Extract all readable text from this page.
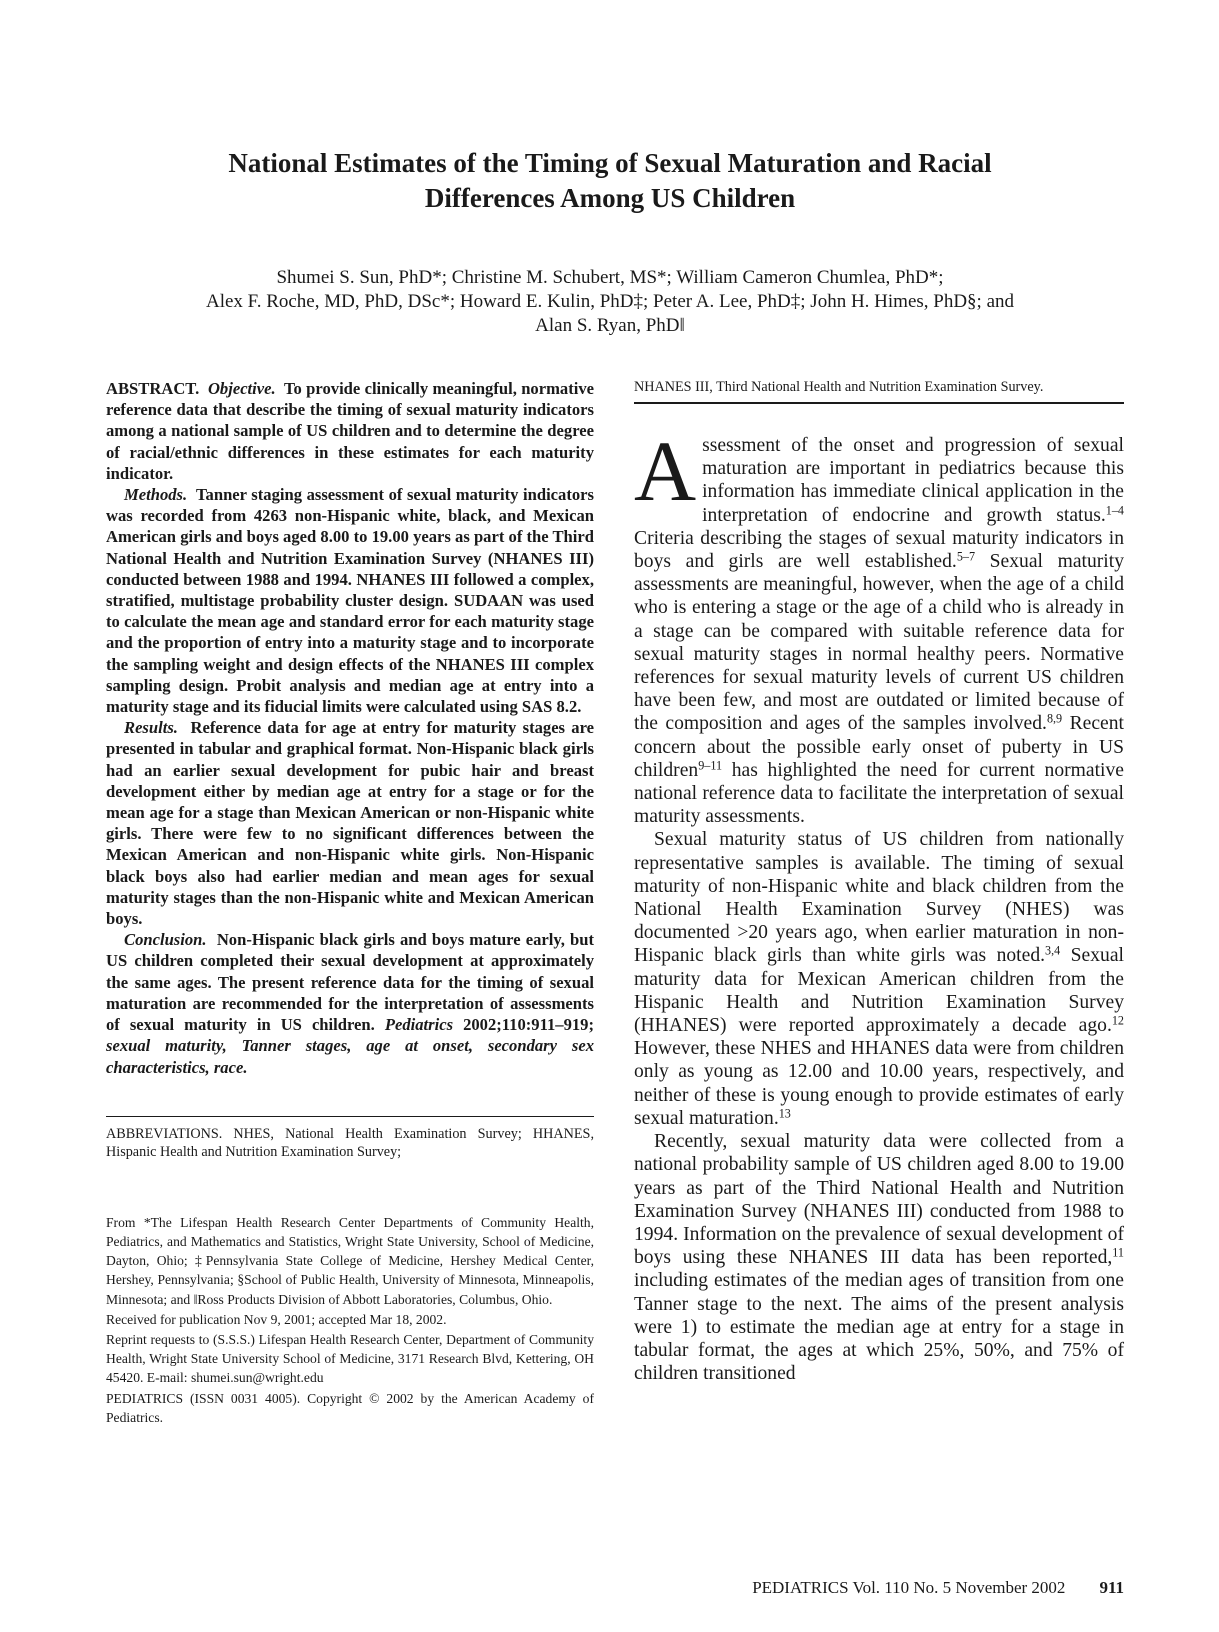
National Estimates of the Timing of Sexual Maturation and Racial
Differences Among US Children
Shumei S. Sun, PhD*; Christine M. Schubert, MS*; William Cameron Chumlea, PhD*;
Alex F. Roche, MD, PhD, DSc*; Howard E. Kulin, PhD‡; Peter A. Lee, PhD‡; John H. Himes, PhD§; and
Alan S. Ryan, PhD‖

ABSTRACT. Objective. To provide clinically meaningful, normative reference data that describe the timing of sexual maturity indicators among a national sample of US children and to determine the degree of racial/ethnic differences in these estimates for each maturity indicator.

Methods. Tanner staging assessment of sexual maturity indicators was recorded from 4263 non-Hispanic white, black, and Mexican American girls and boys aged 8.00 to 19.00 years as part of the Third National Health and Nutrition Examination Survey (NHANES III) conducted between 1988 and 1994. NHANES III followed a complex, stratified, multistage probability cluster design. SUDAAN was used to calculate the mean age and standard error for each maturity stage and the proportion of entry into a maturity stage and to incorporate the sampling weight and design effects of the NHANES III complex sampling design. Probit analysis and median age at entry into a maturity stage and its fiducial limits were calculated using SAS 8.2.

Results. Reference data for age at entry for maturity stages are presented in tabular and graphical format. Non-Hispanic black girls had an earlier sexual development for pubic hair and breast development either by median age at entry for a stage or for the mean age for a stage than Mexican American or non-Hispanic white girls. There were few to no significant differences between the Mexican American and non-Hispanic white girls. Non-Hispanic black boys also had earlier median and mean ages for sexual maturity stages than the non-Hispanic white and Mexican American boys.

Conclusion. Non-Hispanic black girls and boys mature early, but US children completed their sexual development at approximately the same ages. The present reference data for the timing of sexual maturation are recommended for the interpretation of assessments of sexual maturity in US children. Pediatrics 2002;110:911–919; sexual maturity, Tanner stages, age at onset, secondary sex characteristics, race.

ABBREVIATIONS. NHES, National Health Examination Survey; HHANES, Hispanic Health and Nutrition Examination Survey;

From *The Lifespan Health Research Center Departments of Community Health, Pediatrics, and Mathematics and Statistics, Wright State University, School of Medicine, Dayton, Ohio; ‡Pennsylvania State College of Medicine, Hershey Medical Center, Hershey, Pennsylvania; §School of Public Health, University of Minnesota, Minneapolis, Minnesota; and ‖Ross Products Division of Abbott Laboratories, Columbus, Ohio.

Received for publication Nov 9, 2001; accepted Mar 18, 2002.

Reprint requests to (S.S.S.) Lifespan Health Research Center, Department of Community Health, Wright State University School of Medicine, 3171 Research Blvd, Kettering, OH 45420. E-mail: shumei.sun@wright.edu

PEDIATRICS (ISSN 0031 4005). Copyright © 2002 by the American Academy of Pediatrics.

NHANES III, Third National Health and Nutrition Examination Survey.

Assessment of the onset and progression of sexual maturation are important in pediatrics because this information has immediate clinical application in the interpretation of endocrine and growth status.$^{1-4}$ Criteria describing the stages of sexual maturity indicators in boys and girls are well established.$^{5-7}$ Sexual maturity assessments are meaningful, however, when the age of a child who is entering a stage or the age of a child who is already in a stage can be compared with suitable reference data for sexual maturity stages in normal healthy peers. Normative references for sexual maturity levels of current US children have been few, and most are outdated or limited because of the composition and ages of the samples involved.$^{8,9}$ Recent concern about the possible early onset of puberty in US children$^{9-11}$ has highlighted the need for current normative national reference data to facilitate the interpretation of sexual maturity assessments.

Sexual maturity status of US children from nationally representative samples is available. The timing of sexual maturity of non-Hispanic white and black children from the National Health Examination Survey (NHES) was documented >20 years ago, when earlier maturation in non-Hispanic black girls than white girls was noted.$^{3,4}$ Sexual maturity data for Mexican American children from the Hispanic Health and Nutrition Examination Survey (HHANES) were reported approximately a decade ago.$^{12}$ However, these NHES and HHANES data were from children only as young as 12.00 and 10.00 years, respectively, and neither of these is young enough to provide estimates of early sexual maturation.$^{13}$

Recently, sexual maturity data were collected from a national probability sample of US children aged 8.00 to 19.00 years as part of the Third National Health and Nutrition Examination Survey (NHANES III) conducted from 1988 to 1994. Information on the prevalence of sexual development of boys using these NHANES III data has been reported,$^{11}$ including estimates of the median ages of transition from one Tanner stage to the next. The aims of the present analysis were 1) to estimate the median age at entry for a stage in tabular format, the ages at which 25%, 50%, and 75% of children transitioned

PEDIATRICS Vol. 110 No. 5 November 2002 911
